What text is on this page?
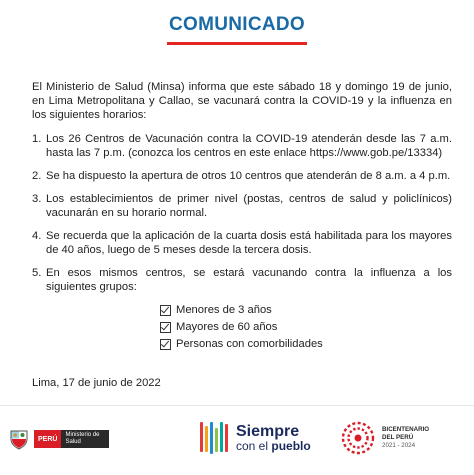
COMUNICADO

El Ministerio de Salud (Minsa) informa que este sábado 18 y domingo 19 de junio, en Lima Metropolitana y Callao, se vacunará contra la COVID-19 y la influenza en los siguientes horarios:

1. Los 26 Centros de Vacunación contra la COVID-19 atenderán desde las 7 a.m. hasta las 7 p.m. (conozca los centros en este enlace https://www.gob.pe/13334)
2. Se ha dispuesto la apertura de otros 10 centros que atenderán de 8 a.m. a 4 p.m.
3. Los establecimientos de primer nivel (postas, centros de salud y policlínicos) vacunarán en su horario normal.
4. Se recuerda que la aplicación de la cuarta dosis está habilitada para los mayores de 40 años, luego de 5 meses desde la tercera dosis.
5. En esos mismos centros, se estará vacunando contra la influenza a los siguientes grupos:
Menores de 3 años
Mayores de 60 años
Personas con comorbilidades
Lima, 17 de junio de 2022
PERÚ
Ministerio de Salud
Siempre
con el pueblo
BICENTENARIO
DEL PERÚ
2021 - 2024
